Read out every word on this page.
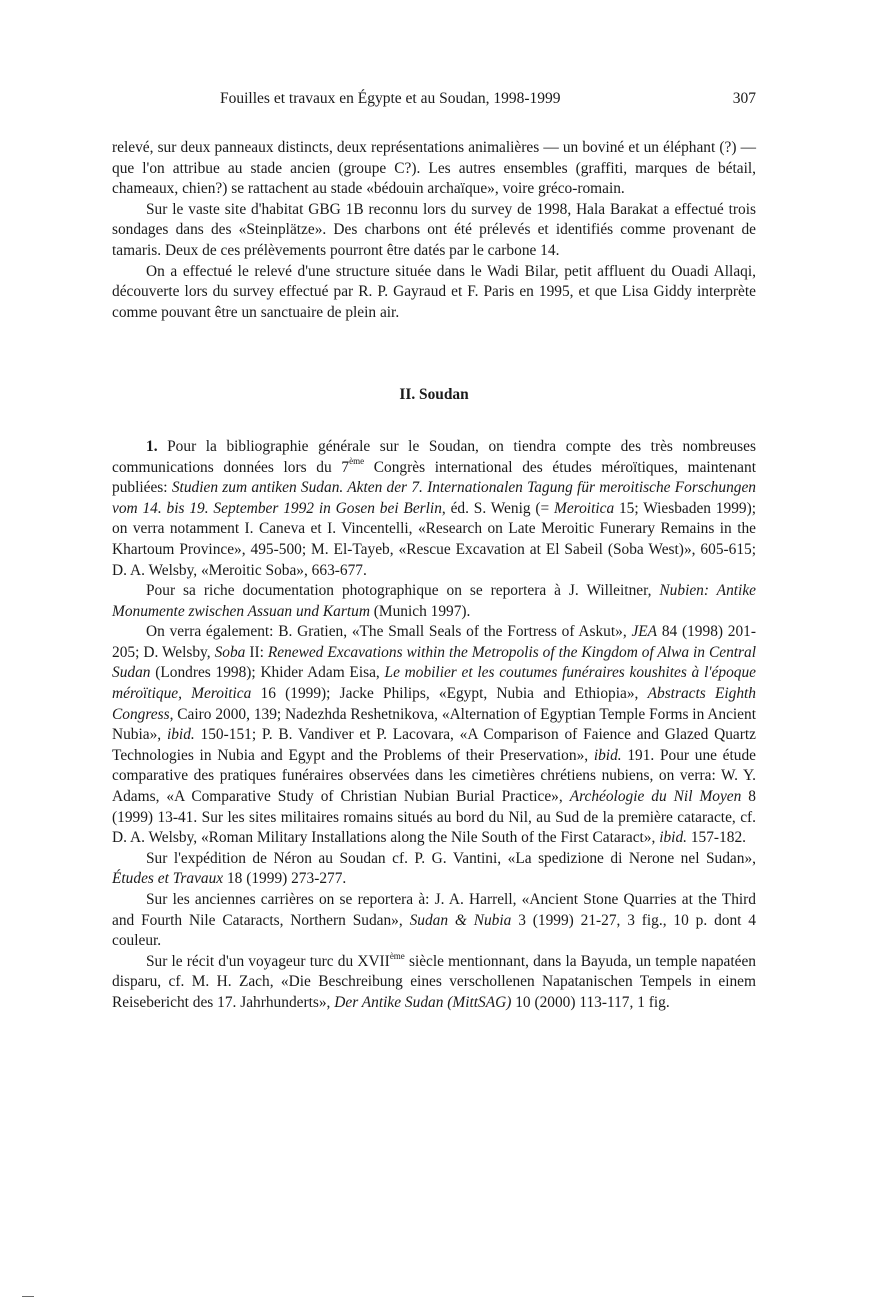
Fouilles et travaux en Égypte et au Soudan, 1998-1999	307

relevé, sur deux panneaux distincts, deux représentations animalières — un boviné et un éléphant (?) — que l'on attribue au stade ancien (groupe C?). Les autres ensembles (graffiti, marques de bétail, chameaux, chien?) se rattachent au stade «bédouin archaïque», voire gréco-romain.

Sur le vaste site d'habitat GBG 1B reconnu lors du survey de 1998, Hala Barakat a effectué trois sondages dans des «Steinplätze». Des charbons ont été prélevés et identifiés comme provenant de tamaris. Deux de ces prélèvements pourront être datés par le carbone 14.

On a effectué le relevé d'une structure située dans le Wadi Bilar, petit affluent du Ouadi Allaqi, découverte lors du survey effectué par R. P. Gayraud et F. Paris en 1995, et que Lisa Giddy interprète comme pouvant être un sanctuaire de plein air.

II. Soudan

1. Pour la bibliographie générale sur le Soudan, on tiendra compte des très nombreuses communications données lors du 7ème Congrès international des études méroïtiques, maintenant publiées: Studien zum antiken Sudan. Akten der 7. Internationalen Tagung für meroitische Forschungen vom 14. bis 19. September 1992 in Gosen bei Berlin, éd. S. Wenig (= Meroitica 15; Wiesbaden 1999); on verra notamment I. Caneva et I. Vincentelli, «Research on Late Meroitic Funerary Remains in the Khartoum Province», 495-500; M. El-Tayeb, «Rescue Excavation at El Sabeil (Soba West)», 605-615; D. A. Welsby, «Meroitic Soba», 663-677.

Pour sa riche documentation photographique on se reportera à J. Willeitner, Nubien: Antike Monumente zwischen Assuan und Kartum (Munich 1997).

On verra également: B. Gratien, «The Small Seals of the Fortress of Askut», JEA 84 (1998) 201-205; D. Welsby, Soba II: Renewed Excavations within the Metropolis of the Kingdom of Alwa in Central Sudan (Londres 1998); Khider Adam Eisa, Le mobilier et les coutumes funéraires koushites à l'époque méroïtique, Meroitica 16 (1999); Jacke Philips, «Egypt, Nubia and Ethiopia», Abstracts Eighth Congress, Cairo 2000, 139; Nadezhda Reshetnikova, «Alternation of Egyptian Temple Forms in Ancient Nubia», ibid. 150-151; P. B. Vandiver et P. Lacovara, «A Comparison of Faience and Glazed Quartz Technologies in Nubia and Egypt and the Problems of their Preservation», ibid. 191. Pour une étude comparative des pratiques funéraires observées dans les cimetières chrétiens nubiens, on verra: W. Y. Adams, «A Comparative Study of Christian Nubian Burial Practice», Archéologie du Nil Moyen 8 (1999) 13-41. Sur les sites militaires romains situés au bord du Nil, au Sud de la première cataracte, cf. D. A. Welsby, «Roman Military Installations along the Nile South of the First Cataract», ibid. 157-182.

Sur l'expédition de Néron au Soudan cf. P. G. Vantini, «La spedizione di Nerone nel Sudan», Études et Travaux 18 (1999) 273-277.

Sur les anciennes carrières on se reportera à: J. A. Harrell, «Ancient Stone Quarries at the Third and Fourth Nile Cataracts, Northern Sudan», Sudan & Nubia 3 (1999) 21-27, 3 fig., 10 p. dont 4 couleur.

Sur le récit d'un voyageur turc du XVIIème siècle mentionnant, dans la Bayuda, un temple napatéen disparu, cf. M. H. Zach, «Die Beschreibung eines verschollenen Napatanischen Tempels in einem Reisebericht des 17. Jahrhunderts», Der Antike Sudan (MittSAG) 10 (2000) 113-117, 1 fig.
